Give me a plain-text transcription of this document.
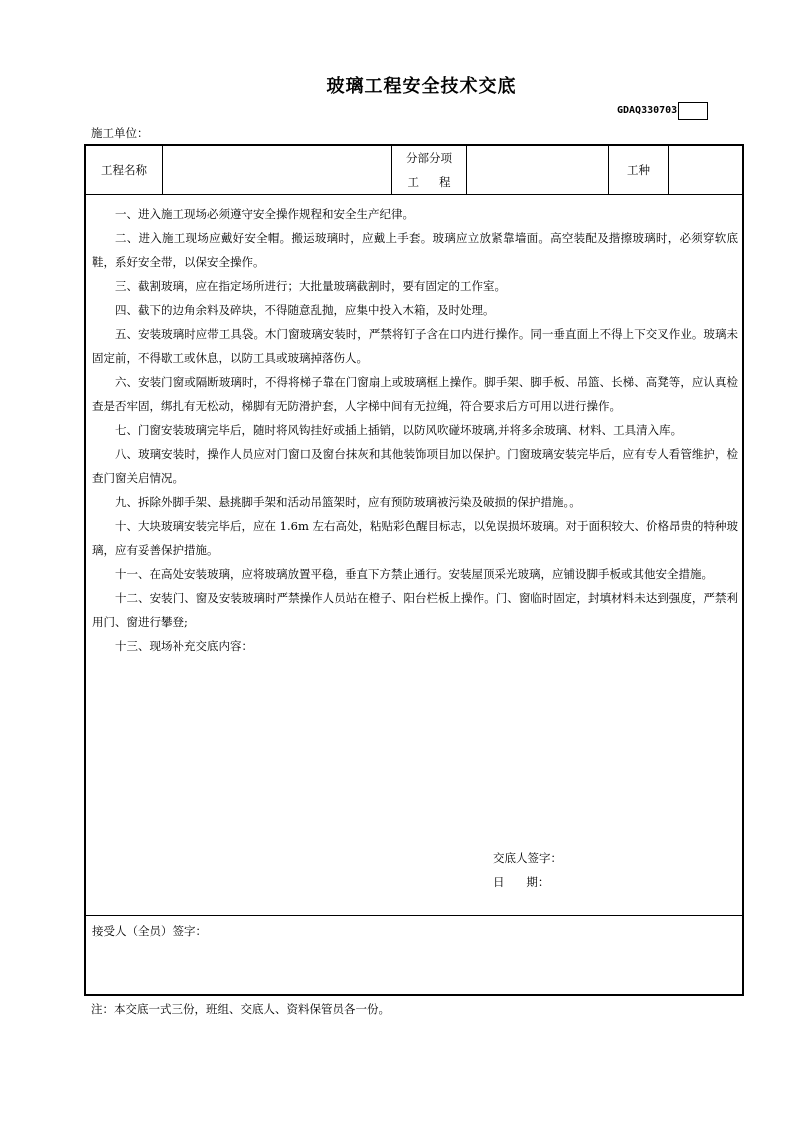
玻璃工程安全技术交底
GDAQ330703
施工单位：
工程名称
分部分项
工程
工种

一、进入施工现场必须遵守安全操作规程和安全生产纪律。

二、进入施工现场应戴好安全帽。搬运玻璃时，应戴上手套。玻璃应立放紧靠墙面。高空装配及揩擦玻璃时，必须穿软底鞋，系好安全带，以保安全操作。

三、截割玻璃，应在指定场所进行；大批量玻璃截割时，要有固定的工作室。

四、截下的边角余料及碎块，不得随意乱抛，应集中投入木箱，及时处理。

五、安装玻璃时应带工具袋。木门窗玻璃安装时，严禁将钉子含在口内进行操作。同一垂直面上不得上下交叉作业。玻璃未固定前，不得歇工或休息，以防工具或玻璃掉落伤人。

六、安装门窗或隔断玻璃时，不得将梯子靠在门窗扇上或玻璃框上操作。脚手架、脚手板、吊篮、长梯、高凳等，应认真检查是否牢固，绑扎有无松动，梯脚有无防滑护套，人字梯中间有无拉绳，符合要求后方可用以进行操作。

七、门窗安装玻璃完毕后，随时将风钩挂好或插上插销，以防风吹碰坏玻璃,并将多余玻璃、材料、工具清入库。

八、玻璃安装时，操作人员应对门窗口及窗台抹灰和其他装饰项目加以保护。门窗玻璃安装完毕后，应有专人看管维护，检查门窗关启情况。

九、拆除外脚手架、悬挑脚手架和活动吊篮架时，应有预防玻璃被污染及破损的保护措施。。

十、大块玻璃安装完毕后，应在 1.6m 左右高处，粘贴彩色醒目标志，以免误损坏玻璃。对于面积较大、价格昂贵的特种玻璃，应有妥善保护措施。

十一、在高处安装玻璃，应将玻璃放置平稳，垂直下方禁止通行。安装屋顶采光玻璃，应铺设脚手板或其他安全措施。

十二、安装门、窗及安装玻璃时严禁操作人员站在橙子、阳台栏板上操作。门、窗临时固定，封填材料未达到强度，严禁利用门、窗进行攀登;

十三、现场补充交底内容：

交底人签字：
日      期：
接受人（全员）签字：
注：本交底一式三份，班组、交底人、资料保管员各一份。
